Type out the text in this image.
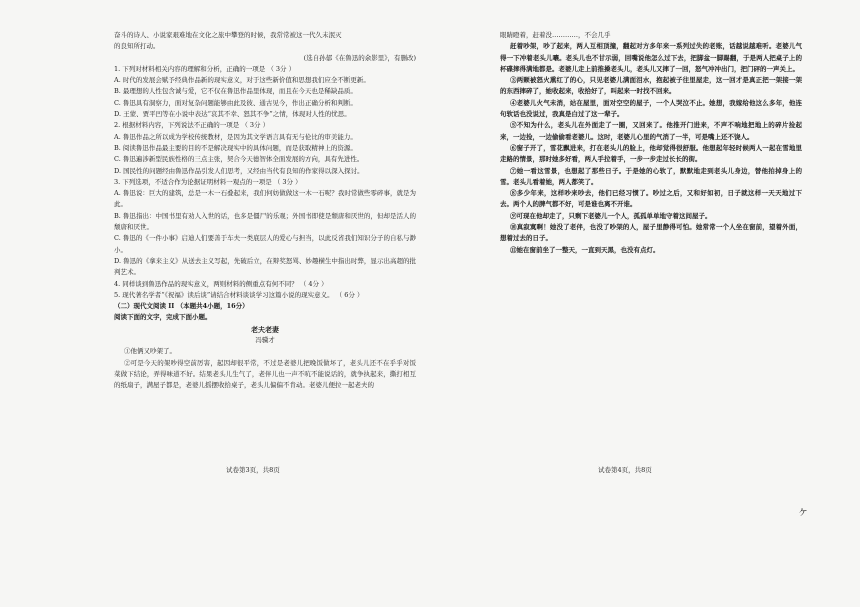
奋斗的诗人、小说家艰难地在文化之旅中攀登的时候，我常常被这一代久未泯灭

的良知所打动。

(选自孙郁《在鲁迅的余影里》，有删改)

1. 下列对材料相关内容的理解和分析，正确的一项是 （ 3分 ）

A. 时代的发展会赋予经典作品新的现实意义，对于这些新价值和思想我们应全不断更新。

B. 最理想的人性包含诚与爱，它不仅在鲁迅作品里体现，而且在今天也是稀缺品质。

C. 鲁迅具有洞察力，面对复杂问题能够由此及彼、通古见今，作出正确分析和判断。

D. 王蒙、贾平凹等在小说中表达“哀其不幸、怒其不争”之情，体现对人性的忧思。

2. 根据材料内容，下列说法不正确的一项是 （ 3分 ）

A. 鲁迅作品之所以成为学校传统教材，是因为其文学语言具有无与伦比的审美能力。

B. 阅读鲁迅作品最主要的目的不是解决现实中的具体问题，而是获取精神上的资源。

C. 鲁迅遍涉新型民族性格的三点主张，契合今天德智体全面发展的方向，具有先进性。

D. 国民性的问题经由鲁迅作品引发人们思考，又经由当代有良知的作家得以深入探讨。

3. 下列选项，不适合作为论据证明材料一观点的一项是 （ 3分 ）

A. 鲁迅说：巨大的建筑，总是一木一石叠起来，我们何妨做做这一木一石呢？我时常做些零碎事，就是为此。

B. 鲁迅指出：中国书里有劝人入世的话，也多是僵尸的乐观；外国书即使是颓唐和厌世的，但却是活人的颓唐和厌世。

C. 鲁迅的《一件小事》启迪人们要善于车夫一类底层人的爱心与担当，以此反省我们知识分子的自私与渺小。

D. 鲁迅的《拿来主义》从送去主义写起，先破后立，在辩奖怒骂、妙趣横生中指出时弊，显示出高超的批判艺术。

4. 同样谈到鲁迅作品的现实意义，两则材料的侧重点有何不同？ （ 4分 ）

5. 现代著名学者“《祝福》读后谈”请结合材料谈谈学习这篇小说的现实意义。 （ 6分 ）

（二）现代文阅读 II （本题共4小题，16分）

阅读下面的文字，完成下面小题。

老夫老妻

冯骥才

①他俩又吵架了。

②可是今天的架吵得空前厉害，起因却很平常，不过是老婆儿把晚饭做坏了，老头儿还不在乎乎对饭菜做下结论，弄得味道不好。结果老头儿生气了，老伴儿也一声不吭不能说话的，就争执起来，撕打相互的纸扇子，满屋子都是，老婆儿摇摆收拾桌子，老头儿偏偏不肯动。老婆儿便拉一起老夫的

试卷第3页，共8页

眼睛瞪着，赶着没…………，不会几乎

赶着吵架，吵了起来，两人互相顶撞，翻起对方多年来一系列过失的老账，话越说越难听。老婆儿气得一下冲着老头儿嚷。老头儿也不甘示弱，回嘴说他怎么过下去，把脚盆一脚踢翻，于是两人把桌子上的杯碟摔得满地都是。老婆儿走上前推搡老头儿，老头儿又摔了一回，怒气冲冲出门，把门砰的一声关上。

③两颗被怒火熏红了的心，只见老婆儿满面泪水，抱起被子往里屋走，这一回才是真正把一架接一架的东西摔碎了，她收起来，收拾好了，叫起来一时找不回来。

④老婆儿火气未消，站在屋里，面对空空的屋子，一个人哭泣不止。她想，我嫁给他这么多年，他连句软话也没说过，我真是白过了这一辈子。

⑤不知为什么，老头儿在外面走了一圈，又回来了。他推开门进来，不声不响地把地上的碎片捡起来，一边捡，一边偷偷看老婆儿。这时，老婆儿心里的气消了一半，可是嘴上还不饶人。

⑥窗子开了，雪花飘进来，打在老头儿的脸上，他却觉得很舒服。他想起年轻时候两人一起在雪地里走路的情景，那时她多好看，两人手拉着手，一步一步走过长长的街。

⑦她一看这雪景，也想起了那些日子。于是她的心软了，默默地走到老头儿身边，替他拍掉身上的雪。老头儿看着她，两人都笑了。

⑧多少年来，这样吵来吵去，他们已经习惯了。吵过之后，又和好如初，日子就这样一天天地过下去。两个人的脾气都不好，可是谁也离不开谁。

⑨可现在他却走了，只剩下老婆儿一个人，孤孤单单地守着这间屋子。

⑩真寂寞啊！她没了老伴，也没了吵架的人，屋子里静得可怕。她常常一个人坐在窗前，望着外面，想着过去的日子。

⑪她在窗前坐了一整天，一直到天黑，也没有点灯。

试卷第4页，共8页
ヶ
